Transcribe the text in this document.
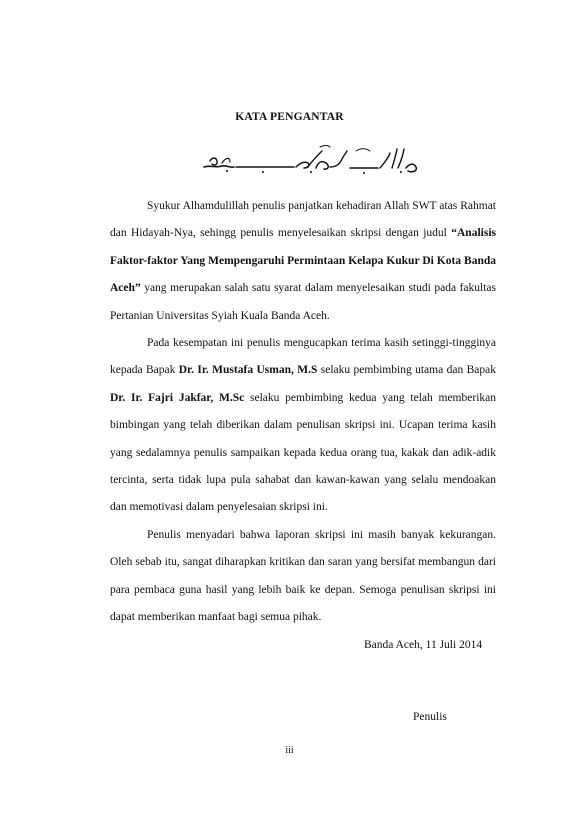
KATA PENGANTAR

Syukur Alhamdulillah penulis panjatkan kehadiran Allah SWT atas Rahmat dan Hidayah-Nya, sehingg penulis menyelesaikan skripsi dengan judul “Analisis Faktor-faktor Yang Mempengaruhi Permintaan Kelapa Kukur Di Kota Banda Aceh” yang merupakan salah satu syarat dalam menyelesaikan studi pada fakultas Pertanian Universitas Syiah Kuala Banda Aceh.

Pada kesempatan ini penulis mengucapkan terima kasih setinggi-tingginya kepada Bapak Dr. Ir. Mustafa Usman, M.S selaku pembimbing utama dan Bapak Dr. Ir. Fajri Jakfar, M.Sc selaku pembimbing kedua yang telah memberikan bimbingan yang telah diberikan dalam penulisan skripsi ini. Ucapan terima kasih yang sedalamnya penulis sampaikan kepada kedua orang tua, kakak dan adik-adik tercinta, serta tidak lupa pula sahabat dan kawan-kawan yang selalu mendoakan dan memotivasi dalam penyelesaian skripsi ini.

Penulis menyadari bahwa laporan skripsi ini masih banyak kekurangan. Oleh sebab itu, sangat diharapkan kritikan dan saran yang bersifat membangun dari para pembaca guna hasil yang lebih baik ke depan. Semoga penulisan skripsi ini dapat memberikan manfaat bagi semua pihak.

Banda Aceh, 11 Juli 2014
Penulis
iii
